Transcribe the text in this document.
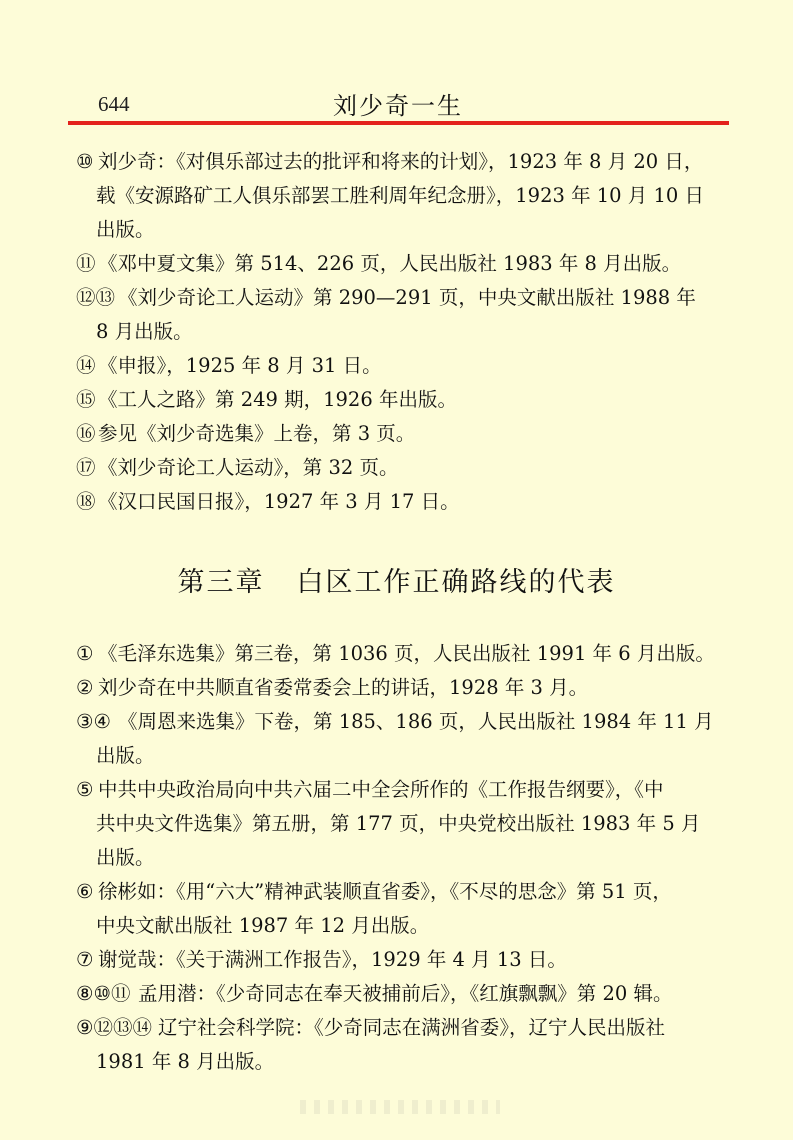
644	刘少奇一生
⑩ 刘少奇：《对俱乐部过去的批评和将来的计划》，1923 年 8 月 20 日，
载《安源路矿工人俱乐部罢工胜利周年纪念册》，1923 年 10 月 10 日
出版。
⑪ 《邓中夏文集》第 514、226 页，人民出版社 1983 年 8 月出版。
⑫⑬ 《刘少奇论工人运动》第 290—291 页，中央文献出版社 1988 年
8 月出版。
⑭ 《申报》，1925 年 8 月 31 日。
⑮ 《工人之路》第 249 期，1926 年出版。
⑯ 参见《刘少奇选集》上卷，第 3 页。
⑰ 《刘少奇论工人运动》，第 32 页。
⑱ 《汉口民国日报》，1927 年 3 月 17 日。
第三章 白区工作正确路线的代表
① 《毛泽东选集》第三卷，第 1036 页，人民出版社 1991 年 6 月出版。
② 刘少奇在中共顺直省委常委会上的讲话，1928 年 3 月。
③④ 《周恩来选集》下卷，第 185、186 页，人民出版社 1984 年 11 月
出版。
⑤ 中共中央政治局向中共六届二中全会所作的《工作报告纲要》，《中
共中央文件选集》第五册，第 177 页，中央党校出版社 1983 年 5 月
出版。
⑥ 徐彬如：《用“六大”精神武装顺直省委》，《不尽的思念》第 51 页，
中央文献出版社 1987 年 12 月出版。
⑦ 谢觉哉：《关于满洲工作报告》，1929 年 4 月 13 日。
⑧⑩⑪ 孟用潜：《少奇同志在奉天被捕前后》，《红旗飘飘》第 20 辑。
⑨⑫⑬⑭ 辽宁社会科学院：《少奇同志在满洲省委》，辽宁人民出版社
1981 年 8 月出版。
